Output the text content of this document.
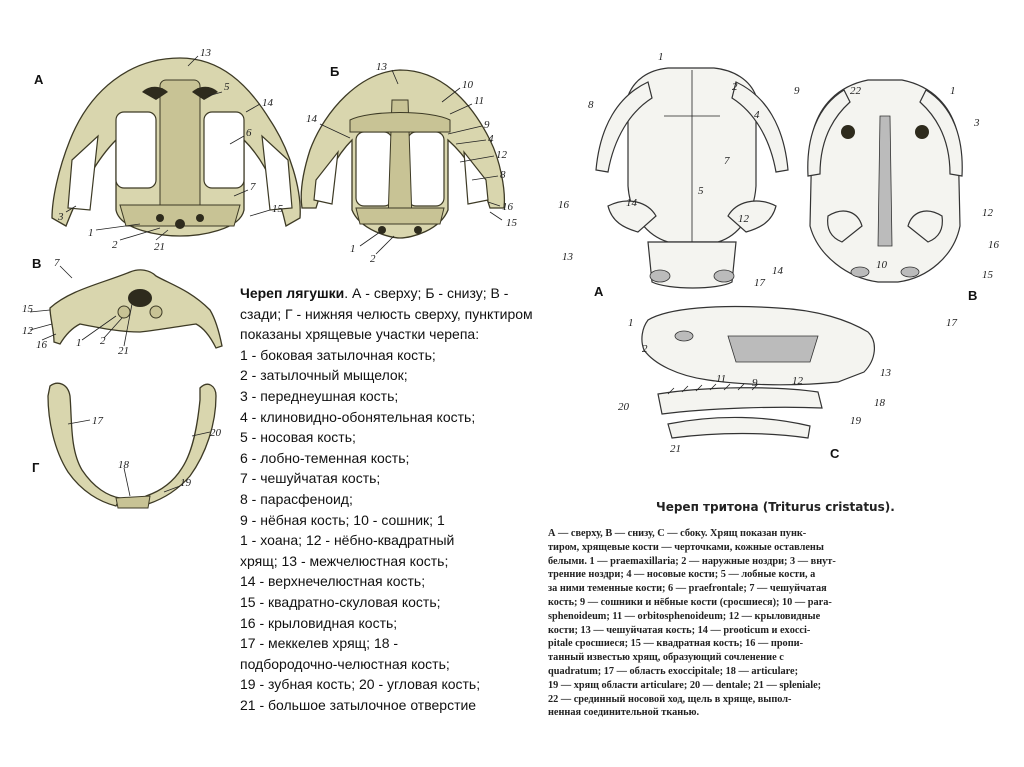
А
13
5
14
6
7
15
3
1
2	21
Б	13
10
11
9
4
12
8
16
15
14
1
2
В 7
15
12
16	1 2
21
Г
17
20
18
19
Череп лягушки. А - сверху; Б - снизу; В - сзади; Г - нижняя челюсть сверху, пунктиром показаны хрящевые участки черепа:
1 - боковая затылочная кость;
2 - затылочный мыщелок;
3 - переднеушная кость;
4 - клиновидно-обонятельная кость;
5 - носовая кость;
6 - лобно-теменная кость;
7 - чешуйчатая кость;
8 - парасфеноид;
9 - нёбная кость; 10 - сошник; 1
1 - хоана; 12 - нёбно-квадратный
хрящ; 13 - межчелюстная кость;
14 - верхнечелюстная кость;
15 - квадратно-скуловая кость;
16 - крыловидная кость;
17 - меккелев хрящ; 18 -
подбородочно-челюстная кость;
19 - зубная кость; 20 - угловая кость;
21 - большое затылочное отверстие
A
1
2
8
4
7
5
16	14
12
13
17
B
9	22	1
3
12
16
14	10
15
17
C
1
2
11 9	12
13
18
20
19
21
Череп тритона (Triturus cristatus).
А — сверху, В — снизу, С — сбоку. Хрящ показан пунк-
тиром, хрящевые кости — черточками, кожные оставлены
белыми. 1 — praemaxillaria; 2 — наружные ноздри; 3 — внут-
тренние ноздри; 4 — носовые кости; 5 — лобные кости, а
за ними теменные кости; 6 — praefrontale; 7 — чешуйчатая
кость; 9 — сошники и нёбные кости (сросшиеся); 10 — para-
sphenoideum; 11 — orbitosphenoideum; 12 — крыловидные
кости; 13 — чешуйчатая кость; 14 — prooticum и exocci-
pitale сросшиеся; 15 — квадратная кость; 16 — пропи-
танный известью хрящ, образующий сочленение с
quadratum; 17 — область exoccipitale; 18 — articulare;
19 — хрящ области articulare; 20 — dentale; 21 — spleniale;
22 — срединный носовой ход, щель в хряще, выпол-
ненная соединительной тканью.
